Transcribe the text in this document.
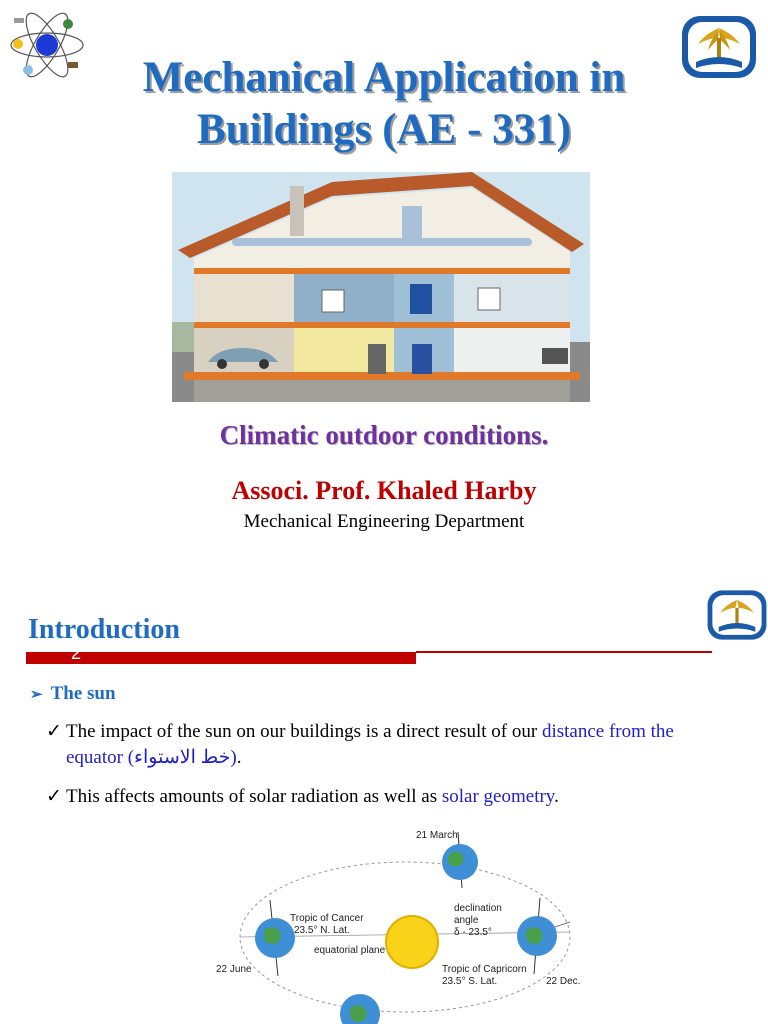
Mechanical Application in
Buildings (AE - 331)
Climatic outdoor conditions.
Associ. Prof. Khaled Harby
Mechanical Engineering Department
Introduction
2
➢ The sun
✓ The impact of the sun on our buildings is a direct result of our distance from the
equator (خط الاستواء).
✓ This affects amounts of solar radiation as well as solar geometry.
21 March
Tropic of Cancer
23.5° N. Lat.
equatorial plane
declination
angle
δ - 23.5°
Tropic of Capricorn
23.5° S. Lat.
22 June
22 Dec.
